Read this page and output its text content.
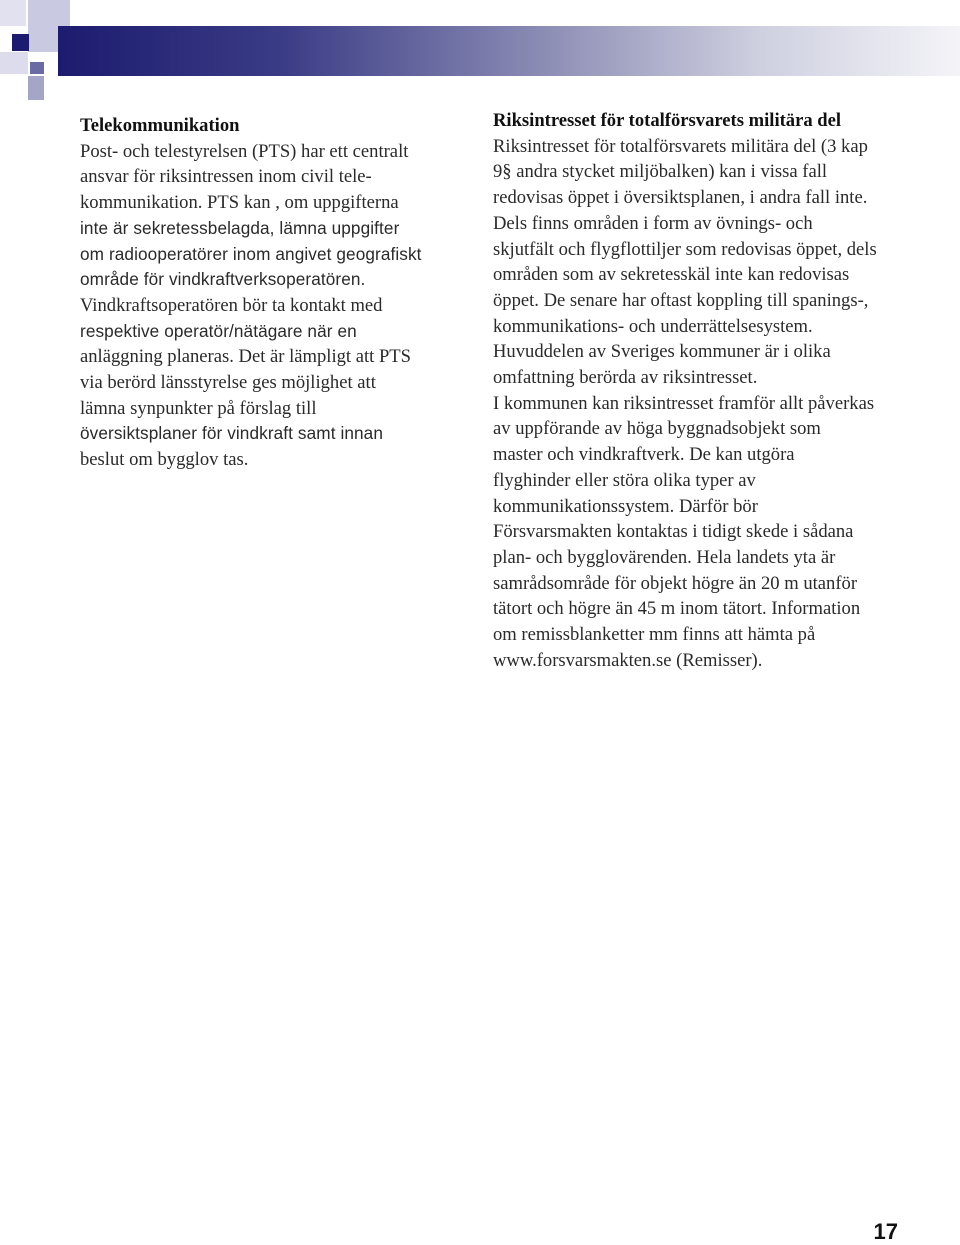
Telekommunikation

Post- och telestyrelsen (PTS) har ett centralt
ansvar för riksintressen inom civil tele-
kommunikation. PTS kan , om uppgifterna
inte är sekretessbelagda, lämna uppgifter
om radiooperatörer inom angivet geografiskt
område för vindkraftverksoperatören.
Vindkraftsoperatören bör ta kontakt med
respektive operatör/nätägare när en
anläggning planeras. Det är lämpligt att PTS
via berörd länsstyrelse ges möjlighet att
lämna synpunkter på förslag till
översiktsplaner för vindkraft samt innan
beslut om bygglov tas.

Riksintresset för totalförsvarets militära del

Riksintresset för totalförsvarets militära del (3 kap
9§ andra stycket miljöbalken) kan i vissa fall
redovisas öppet i översiktsplanen, i andra fall inte.
Dels finns områden i form av övnings- och
skjutfält och flygflottiljer som redovisas öppet, dels
områden som av sekretesskäl inte kan redovisas
öppet. De senare har oftast koppling till spanings-,
kommunikations- och underrättelsesystem.
Huvuddelen av Sveriges kommuner är i olika
omfattning berörda av riksintresset.
I kommunen kan riksintresset framför allt påverkas
av uppförande av höga byggnadsobjekt som
master och vindkraftverk. De kan utgöra
flyghinder eller störa olika typer av
kommunikationssystem. Därför bör
Försvarsmakten kontaktas i tidigt skede i sådana
plan- och bygglovärenden. Hela landets yta är
samrådsområde för objekt högre än 20 m utanför
tätort och högre än 45 m inom tätort. Information
om remissblanketter mm finns att hämta på
www.forsvarsmakten.se (Remisser).

17
